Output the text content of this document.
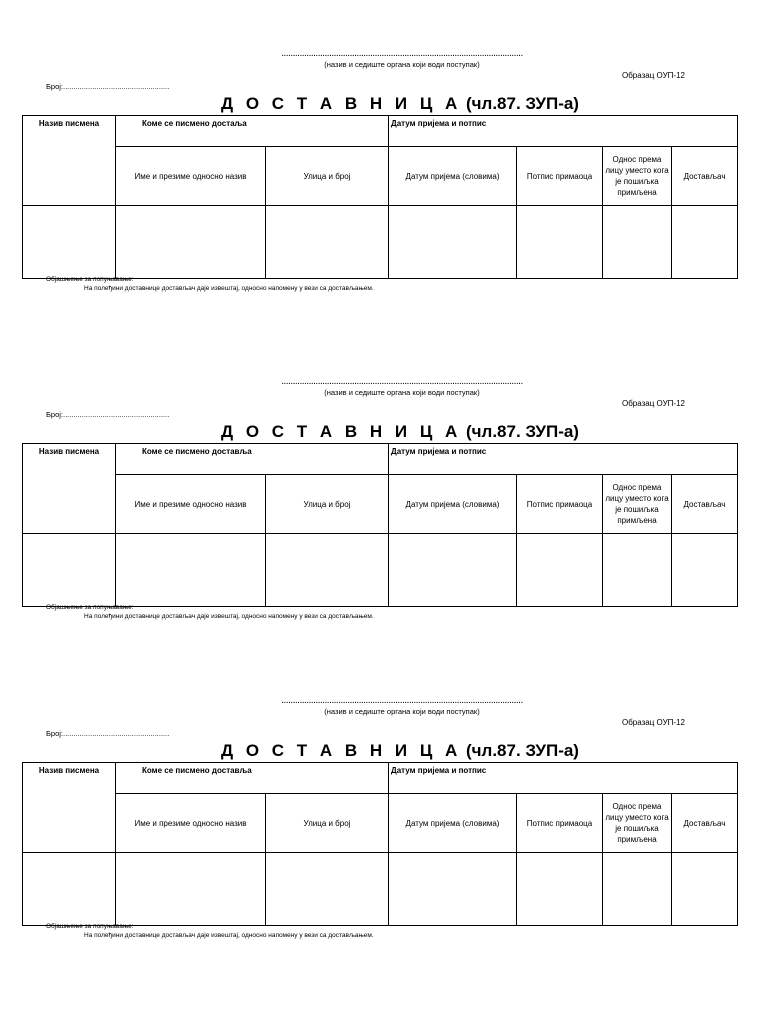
..........................................................................................................
(назив и седиште органа који води поступак)
Образац ОУП-12
Број:...................................................
Д О С Т А В Н И Ц А (чл.87. ЗУП-а)
Назив писмена	Коме се писмено достаља		Датум пријема и потпис			
	Име и презиме односно назив	Улица и број	Датум пријема (словима)	Потпис примаоца	Однос према лицу уместо кога је пошиљка примљена	Достављач

Објашњење за попуњавање:
На полеђини доставнице достављач даје извештај, односно напомену у вези са достављањем.
..........................................................................................................
(назив и седиште органа који води поступак)
Образац ОУП-12
Број:...................................................
Д О С Т А В Н И Ц А (чл.87. ЗУП-а)
Назив писмена	Коме се писмено доставља		Датум пријема и потпис			
	Име и презиме односно назив	Улица и број	Датум пријема (словима)	Потпис примаоца	Однос према лицу уместо кога је пошиљка примљена	Достављач

Објашњење за попуњавање:
На полеђини доставнице достављач даје извештај, односно напомену у вези са достављањем.
..........................................................................................................
(назив и седиште органа који води поступак)
Образац ОУП-12
Број:...................................................
Д О С Т А В Н И Ц А (чл.87. ЗУП-а)
Назив писмена	Коме се писмено доставља		Датум пријема и потпис			
	Име и презиме односно назив	Улица и број	Датум пријема (словима)	Потпис примаоца	Однос према лицу уместо кога је пошиљка примљена	Достављач

Објашњење за попуњавање:
На полеђини доставнице достављач даје извештај, односно напомену у вези са достављањем.
